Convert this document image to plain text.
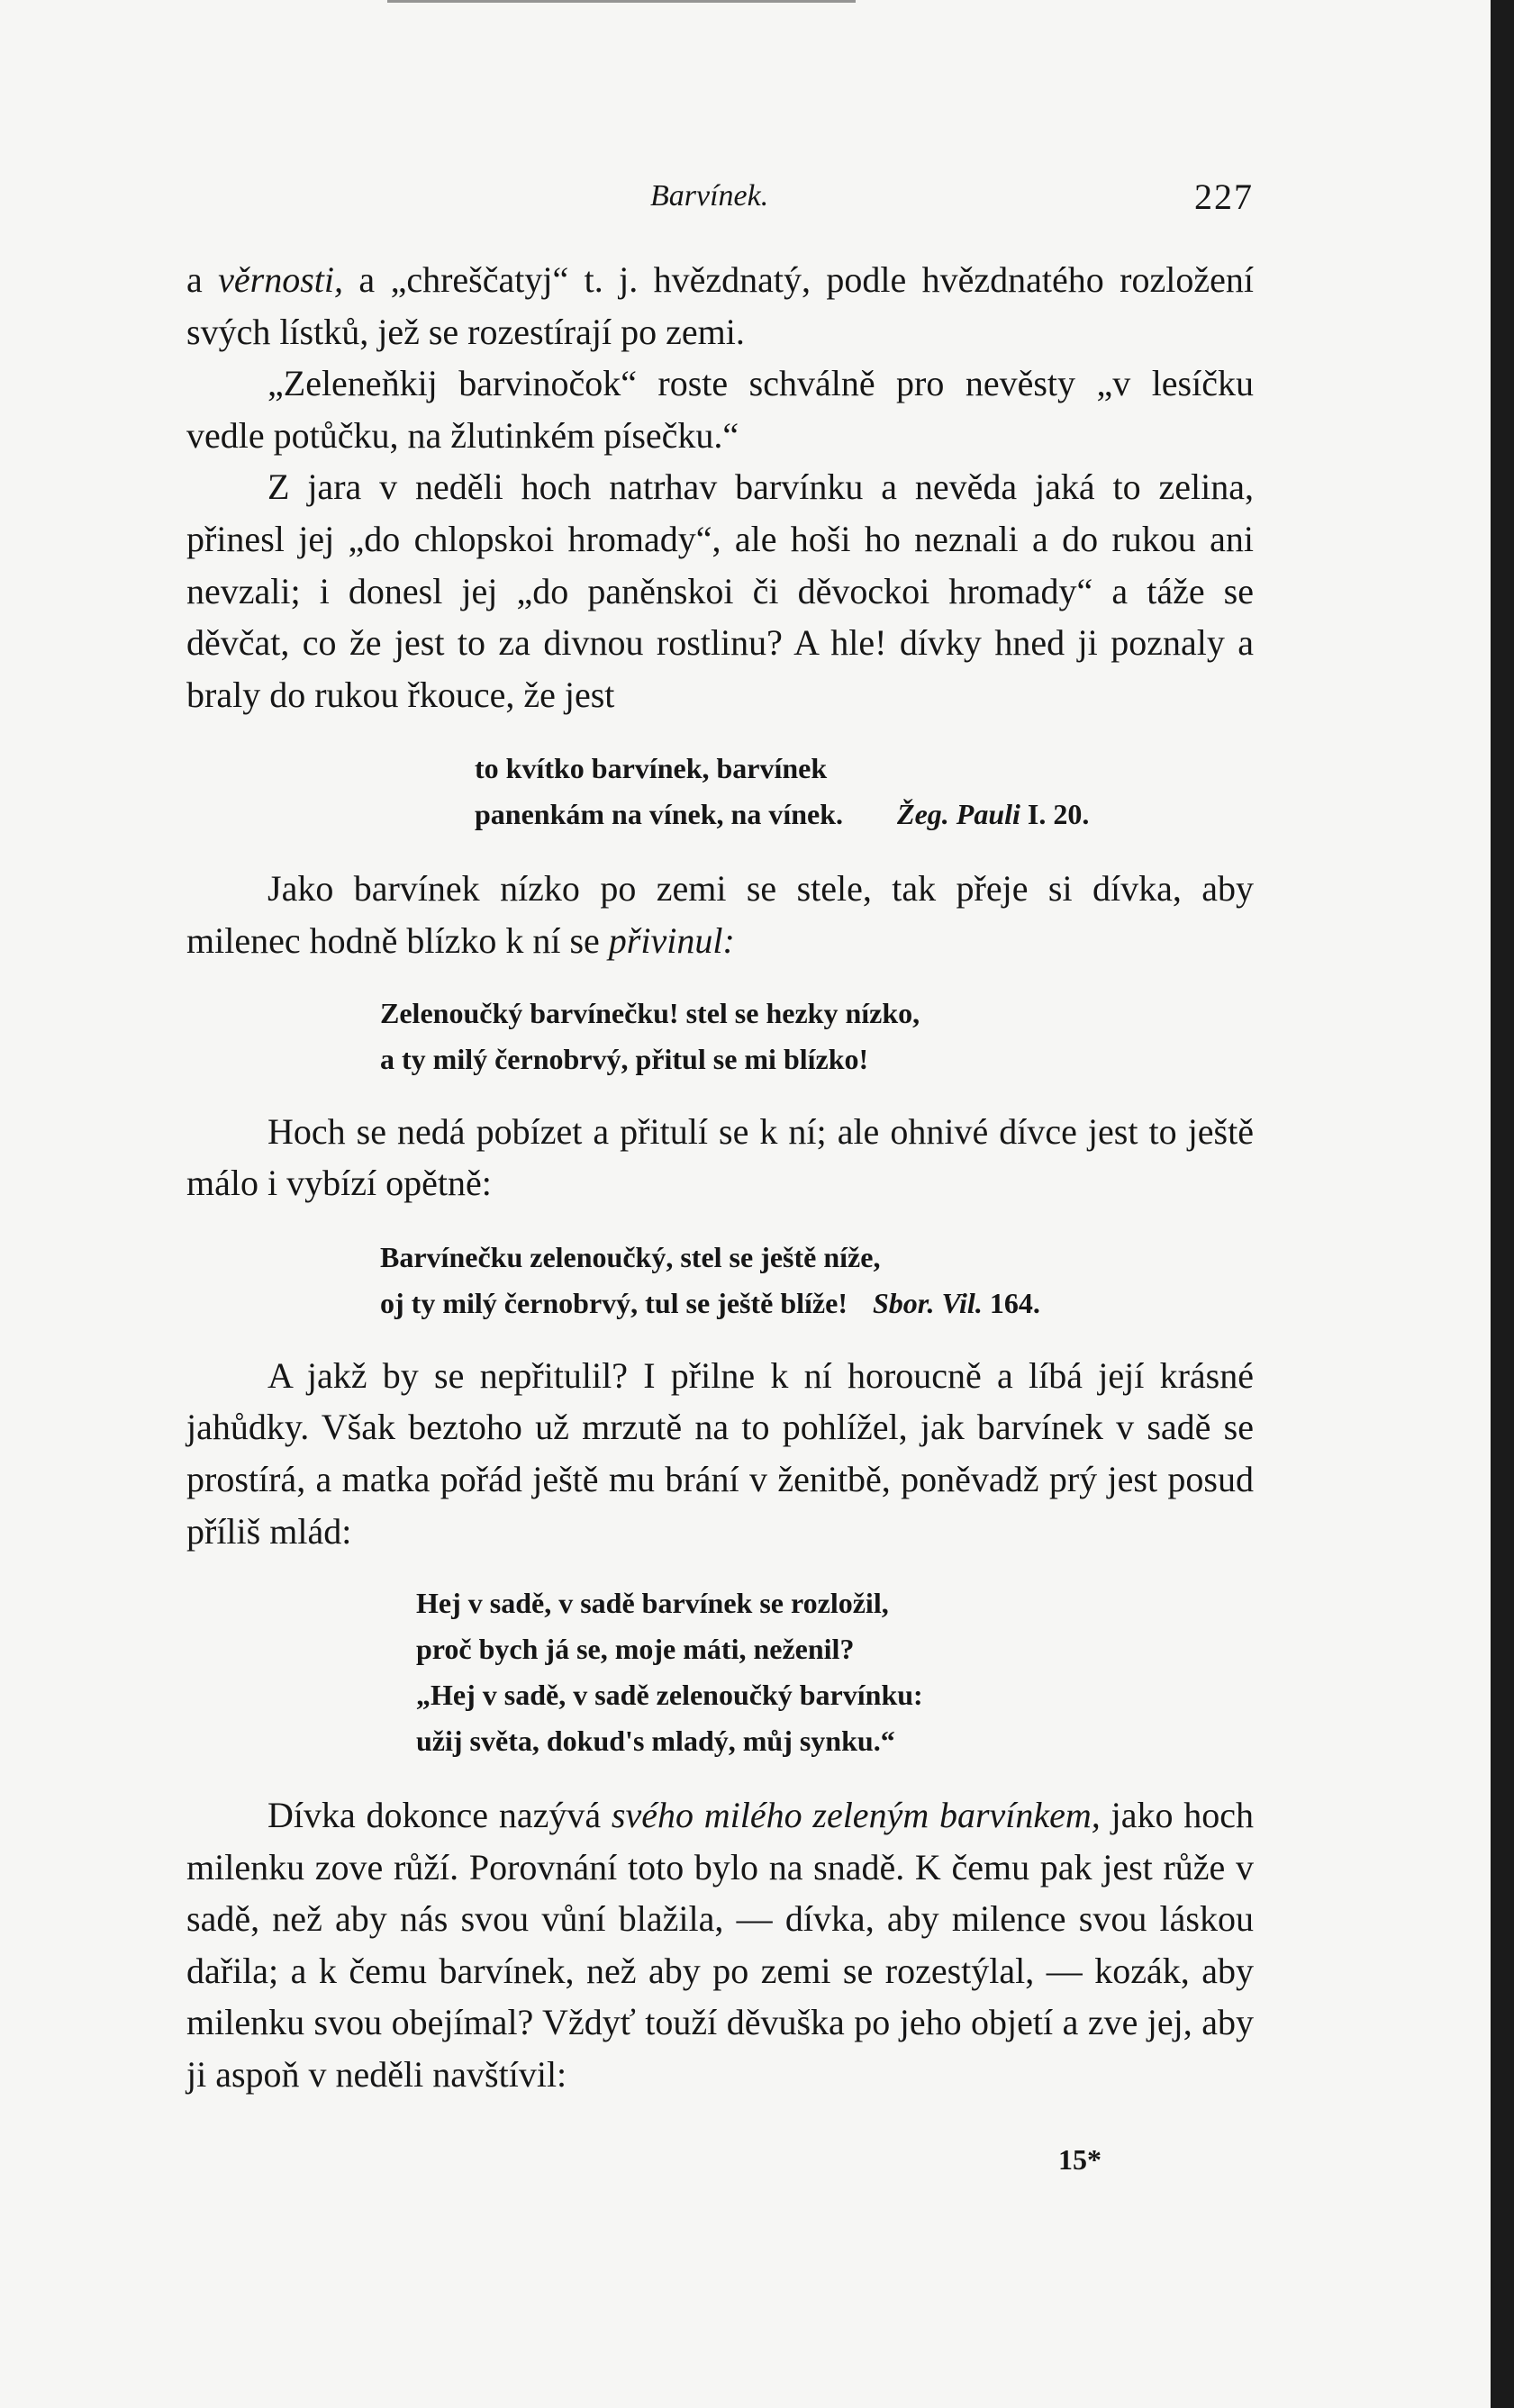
Barvínek.	227

a věrnosti, a „chreščatyj“ t. j. hvězdnatý, podle hvězdnatého rozložení svých lístků, jež se rozestírají po zemi.

„Zeleneňkij barvinočok“ roste schválně pro nevěsty „v lesíčku vedle potůčku, na žlutinkém písečku.“

Z jara v neděli hoch natrhav barvínku a nevěda jaká to zelina, přinesl jej „do chlopskoi hromady“, ale hoši ho neznali a do rukou ani nevzali; i donesl jej „do paněnskoi či děvockoi hromady“ a táže se děvčat, co že jest to za divnou rostlinu? A hle! dívky hned ji poznaly a braly do rukou řkouce, že jest

to kvítko barvínek, barvínek
panenkám na vínek, na vínek. Žeg. Pauli I. 20.

Jako barvínek nízko po zemi se stele, tak přeje si dívka, aby milenec hodně blízko k ní se přivinul:

Zelenoučký barvínečku! stel se hezky nízko,
a ty milý černobrvý, přitul se mi blízko!

Hoch se nedá pobízet a přitulí se k ní; ale ohnivé dívce jest to ještě málo i vybízí opětně:

Barvínečku zelenoučký, stel se ještě níže,
oj ty milý černobrvý, tul se ještě blíže! Sbor. Vil. 164.

A jakž by se nepřitulil? I přilne k ní horoucně a líbá její krásné jahůdky. Však beztoho už mrzutě na to pohlížel, jak barvínek v sadě se prostírá, a matka pořád ještě mu brání v ženitbě, poněvadž prý jest posud příliš mlád:

Hej v sadě, v sadě barvínek se rozložil,
proč bych já se, moje máti, neženil?
„Hej v sadě, v sadě zelenoučký barvínku:
užij světa, dokud's mladý, můj synku.“

Dívka dokonce nazývá svého milého zeleným barvínkem, jako hoch milenku zove růží. Porovnání toto bylo na snadě. K čemu pak jest růže v sadě, než aby nás svou vůní blažila, — dívka, aby milence svou láskou dařila; a k čemu barvínek, než aby po zemi se rozestýlal, — kozák, aby milenku svou obejímal? Vždyť touží děvuška po jeho objetí a zve jej, aby ji aspoň v neděli navštívil:

15*
